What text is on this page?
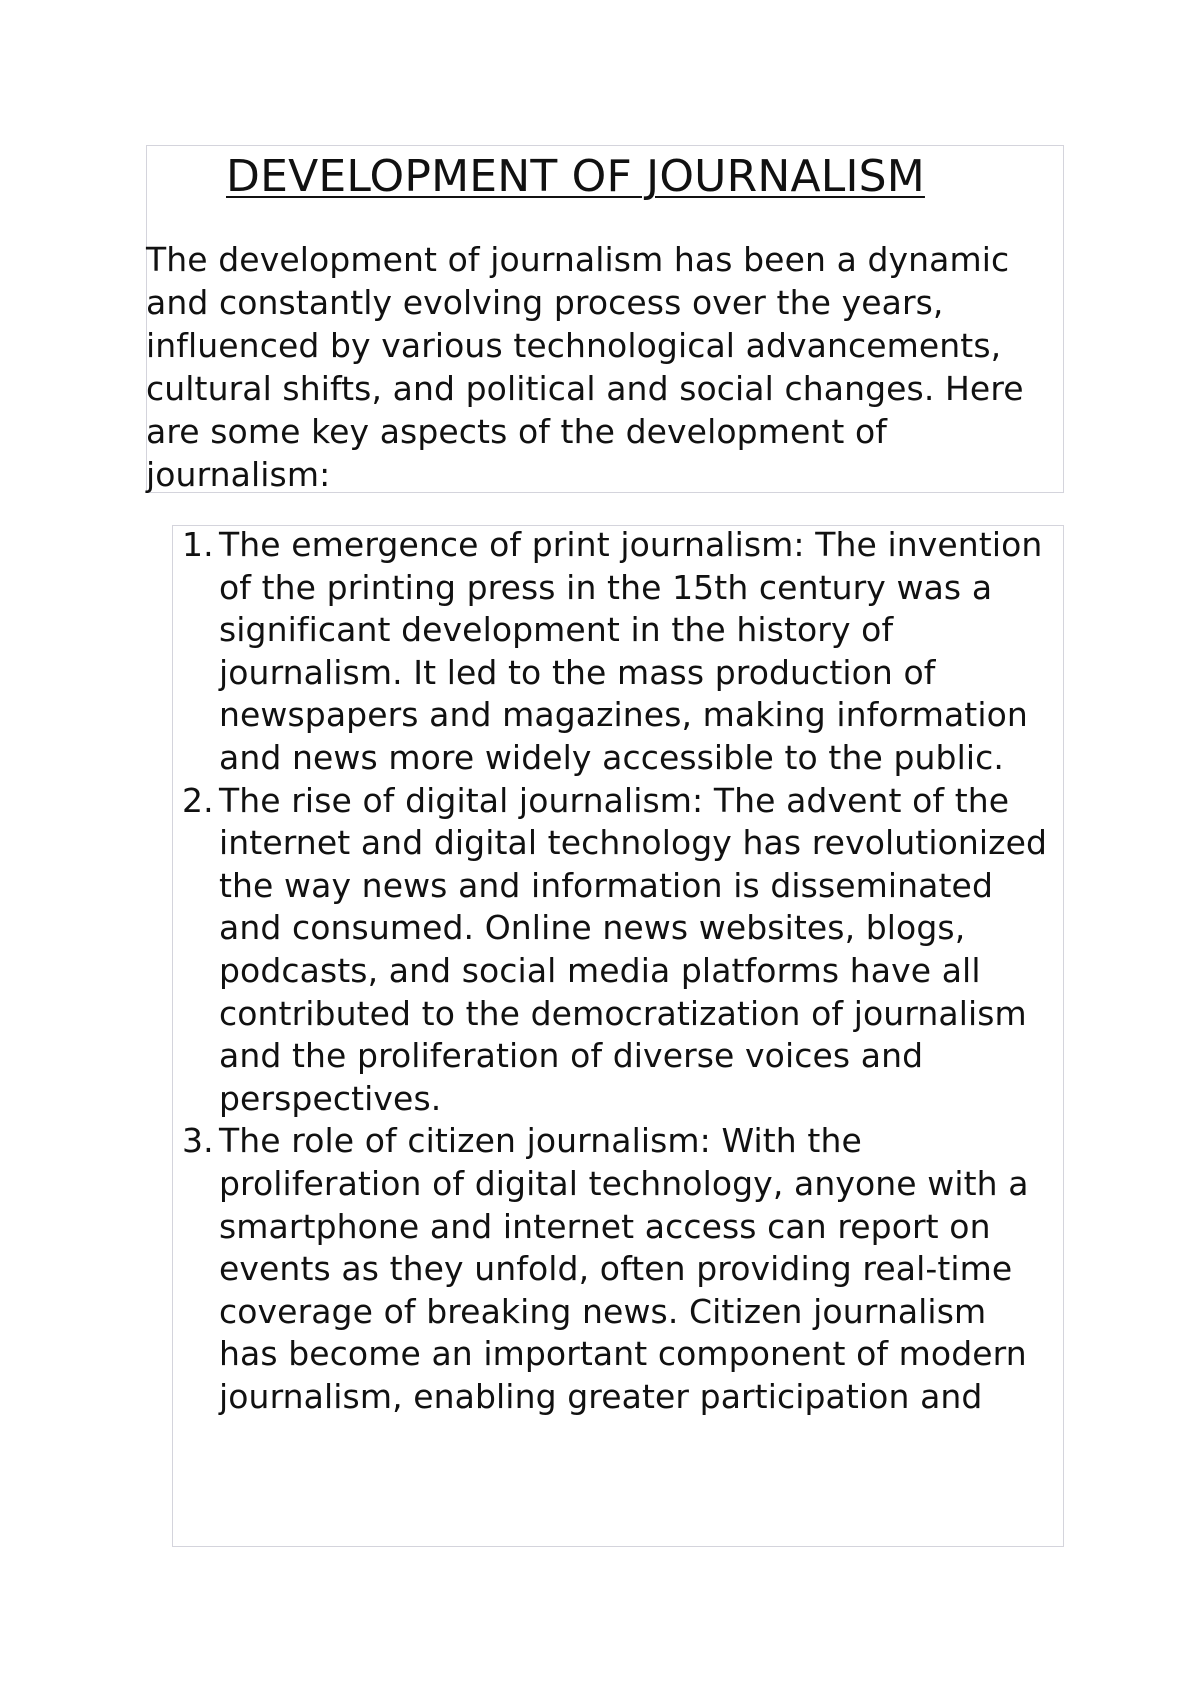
DEVELOPMENT OF JOURNALISM

The development of journalism has been a dynamic and constantly evolving process over the years, influenced by various technological advancements, cultural shifts, and political and social changes. Here are some key aspects of the development of journalism:

1. The emergence of print journalism: The invention of the printing press in the 15th century was a significant development in the history of journalism. It led to the mass production of newspapers and magazines, making information and news more widely accessible to the public.
2. The rise of digital journalism: The advent of the internet and digital technology has revolutionized the way news and information is disseminated and consumed. Online news websites, blogs, podcasts, and social media platforms have all contributed to the democratization of journalism and the proliferation of diverse voices and perspectives.
3. The role of citizen journalism: With the proliferation of digital technology, anyone with a smartphone and internet access can report on events as they unfold, often providing real-time coverage of breaking news. Citizen journalism has become an important component of modern journalism, enabling greater participation and
